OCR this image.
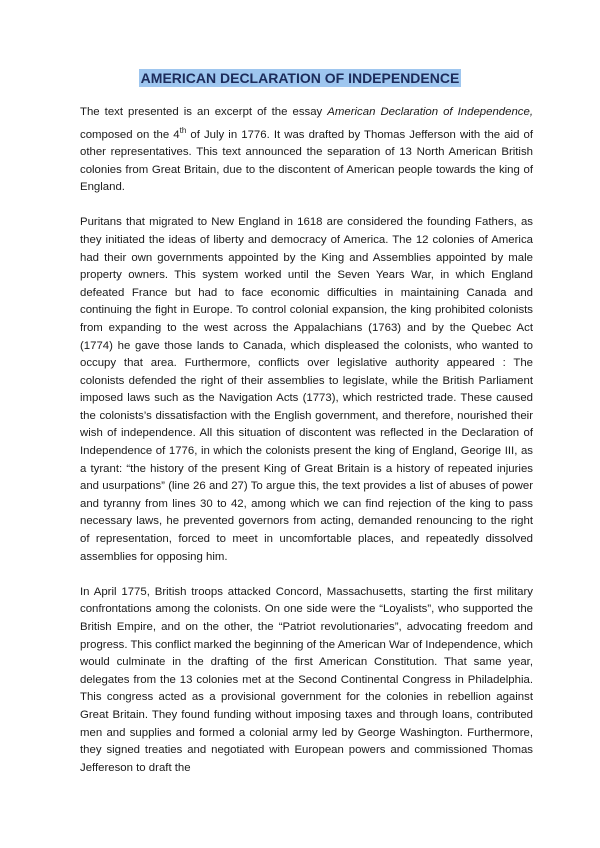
AMERICAN DECLARATION OF INDEPENDENCE

The text presented is an excerpt of the essay American Declaration of Independence, composed on the 4th of July in 1776. It was drafted by Thomas Jefferson with the aid of other representatives. This text announced the separation of 13 North American British colonies from Great Britain, due to the discontent of American people towards the king of England.

Puritans that migrated to New England in 1618 are considered the founding Fathers, as they initiated the ideas of liberty and democracy of America. The 12 colonies of America had their own governments appointed by the King and Assemblies appointed by male property owners. This system worked until the Seven Years War, in which England defeated France but had to face economic difficulties in maintaining Canada and continuing the fight in Europe. To control colonial expansion, the king prohibited colonists from expanding to the west across the Appalachians (1763) and by the Quebec Act (1774) he gave those lands to Canada, which displeased the colonists, who wanted to occupy that area. Furthermore, conflicts over legislative authority appeared : The colonists defended the right of their assemblies to legislate, while the British Parliament imposed laws such as the Navigation Acts (1773), which restricted trade. These caused the colonists’s dissatisfaction with the English government, and therefore, nourished their wish of independence. All this situation of discontent was reflected in the Declaration of Independence of 1776, in which the colonists present the king of England, Georige III, as a tyrant: “the history of the present King of Great Britain is a history of repeated injuries and usurpations” (line 26 and 27) To argue this, the text provides a list of abuses of power and tyranny from lines 30 to 42, among which we can find rejection of the king to pass necessary laws, he prevented governors from acting, demanded renouncing to the right of representation, forced to meet in uncomfortable places, and repeatedly dissolved assemblies for opposing him.

In April 1775, British troops attacked Concord, Massachusetts, starting the first military confrontations among the colonists. On one side were the “Loyalists”, who supported the British Empire, and on the other, the “Patriot revolutionaries”, advocating freedom and progress. This conflict marked the beginning of the American War of Independence, which would culminate in the drafting of the first American Constitution. That same year, delegates from the 13 colonies met at the Second Continental Congress in Philadelphia. This congress acted as a provisional government for the colonies in rebellion against Great Britain. They found funding without imposing taxes and through loans, contributed men and supplies and formed a colonial army led by George Washington. Furthermore, they signed treaties and negotiated with European powers and commissioned Thomas Jeffereson to draft the
